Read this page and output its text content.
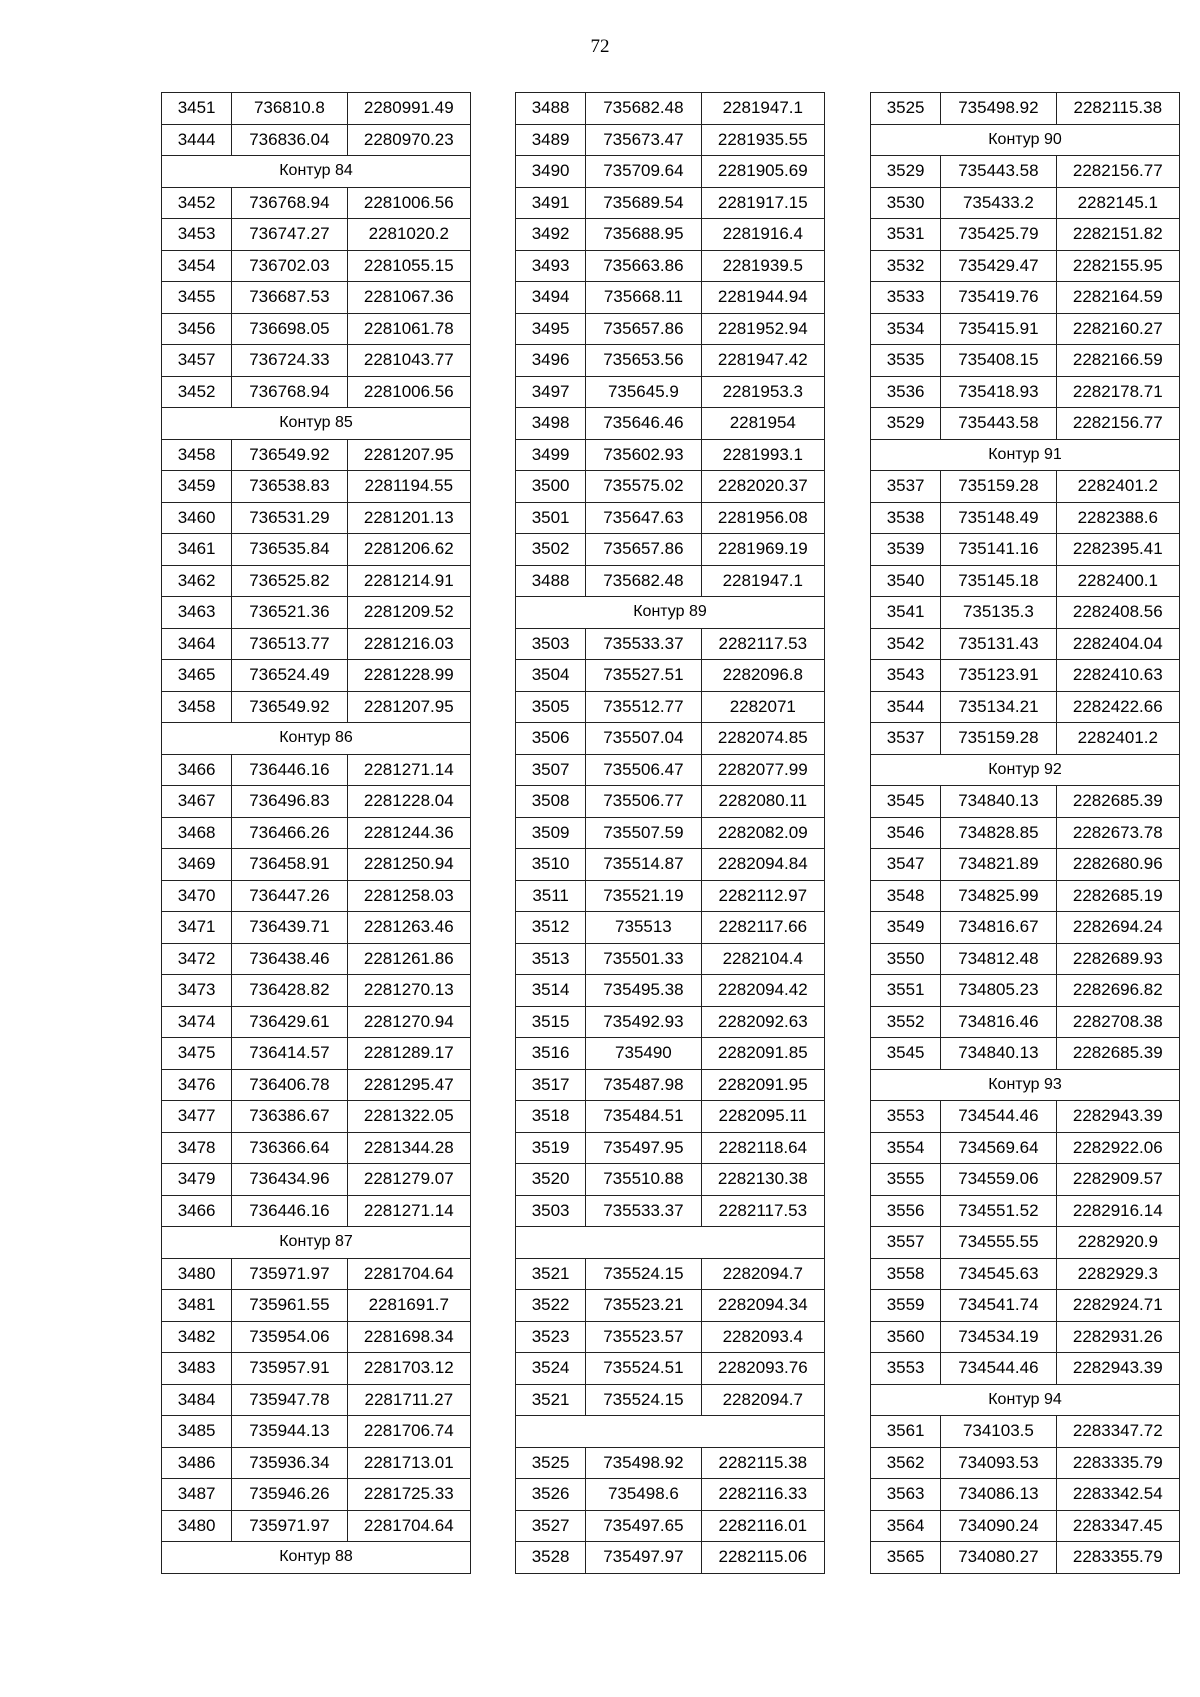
72
3451	736810.8	2280991.49
3444	736836.04	2280970.23
Контур 84		
3452	736768.94	2281006.56
3453	736747.27	2281020.2
3454	736702.03	2281055.15
3455	736687.53	2281067.36
3456	736698.05	2281061.78
3457	736724.33	2281043.77
3452	736768.94	2281006.56
Контур 85		
3458	736549.92	2281207.95
3459	736538.83	2281194.55
3460	736531.29	2281201.13
3461	736535.84	2281206.62
3462	736525.82	2281214.91
3463	736521.36	2281209.52
3464	736513.77	2281216.03
3465	736524.49	2281228.99
3458	736549.92	2281207.95
Контур 86		
3466	736446.16	2281271.14
3467	736496.83	2281228.04
3468	736466.26	2281244.36
3469	736458.91	2281250.94
3470	736447.26	2281258.03
3471	736439.71	2281263.46
3472	736438.46	2281261.86
3473	736428.82	2281270.13
3474	736429.61	2281270.94
3475	736414.57	2281289.17
3476	736406.78	2281295.47
3477	736386.67	2281322.05
3478	736366.64	2281344.28
3479	736434.96	2281279.07
3466	736446.16	2281271.14
Контур 87		
3480	735971.97	2281704.64
3481	735961.55	2281691.7
3482	735954.06	2281698.34
3483	735957.91	2281703.12
3484	735947.78	2281711.27
3485	735944.13	2281706.74
3486	735936.34	2281713.01
3487	735946.26	2281725.33
3480	735971.97	2281704.64
Контур 88		
3488	735682.48	2281947.1
3489	735673.47	2281935.55
3490	735709.64	2281905.69
3491	735689.54	2281917.15
3492	735688.95	2281916.4
3493	735663.86	2281939.5
3494	735668.11	2281944.94
3495	735657.86	2281952.94
3496	735653.56	2281947.42
3497	735645.9	2281953.3
3498	735646.46	2281954
3499	735602.93	2281993.1
3500	735575.02	2282020.37
3501	735647.63	2281956.08
3502	735657.86	2281969.19
3488	735682.48	2281947.1
Контур 89		
3503	735533.37	2282117.53
3504	735527.51	2282096.8
3505	735512.77	2282071
3506	735507.04	2282074.85
3507	735506.47	2282077.99
3508	735506.77	2282080.11
3509	735507.59	2282082.09
3510	735514.87	2282094.84
3511	735521.19	2282112.97
3512	735513	2282117.66
3513	735501.33	2282104.4
3514	735495.38	2282094.42
3515	735492.93	2282092.63
3516	735490	2282091.85
3517	735487.98	2282091.95
3518	735484.51	2282095.11
3519	735497.95	2282118.64
3520	735510.88	2282130.38
3503	735533.37	2282117.53

3521	735524.15	2282094.7
3522	735523.21	2282094.34
3523	735523.57	2282093.4
3524	735524.51	2282093.76
3521	735524.15	2282094.7

3525	735498.92	2282115.38
3526	735498.6	2282116.33
3527	735497.65	2282116.01
3528	735497.97	2282115.06
3525	735498.92	2282115.38
Контур 90		
3529	735443.58	2282156.77
3530	735433.2	2282145.1
3531	735425.79	2282151.82
3532	735429.47	2282155.95
3533	735419.76	2282164.59
3534	735415.91	2282160.27
3535	735408.15	2282166.59
3536	735418.93	2282178.71
3529	735443.58	2282156.77
Контур 91		
3537	735159.28	2282401.2
3538	735148.49	2282388.6
3539	735141.16	2282395.41
3540	735145.18	2282400.1
3541	735135.3	2282408.56
3542	735131.43	2282404.04
3543	735123.91	2282410.63
3544	735134.21	2282422.66
3537	735159.28	2282401.2
Контур 92		
3545	734840.13	2282685.39
3546	734828.85	2282673.78
3547	734821.89	2282680.96
3548	734825.99	2282685.19
3549	734816.67	2282694.24
3550	734812.48	2282689.93
3551	734805.23	2282696.82
3552	734816.46	2282708.38
3545	734840.13	2282685.39
Контур 93		
3553	734544.46	2282943.39
3554	734569.64	2282922.06
3555	734559.06	2282909.57
3556	734551.52	2282916.14
3557	734555.55	2282920.9
3558	734545.63	2282929.3
3559	734541.74	2282924.71
3560	734534.19	2282931.26
3553	734544.46	2282943.39
Контур 94		
3561	734103.5	2283347.72
3562	734093.53	2283335.79
3563	734086.13	2283342.54
3564	734090.24	2283347.45
3565	734080.27	2283355.79
